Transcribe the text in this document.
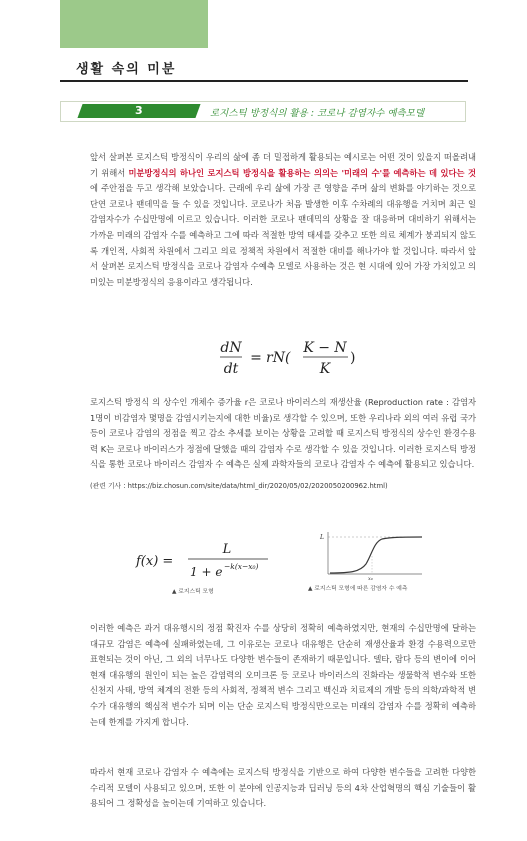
생활 속의 미분
3	로지스틱 방정식의 활용 : 코로나 감염자수 예측모델
앞서 살펴본 로지스틱 방정식이 우리의 삶에 좀 더 밀접하게 활용되는 예시로는 어떤 것이 있을지 떠올려내기 위해서 미분방정식의 하나인 로지스틱 방정식을 활용하는 의의는 '미래의 수'를 예측하는 데 있다는 것에 주안점을 두고 생각해 보았습니다. 근래에 우리 삶에 가장 큰 영향을 주며 삶의 변화를 야기하는 것으로 단연 코로나 팬데믹을 들 수 있을 것입니다. 코로나가 처음 발생한 이후 수차례의 대유행을 거치며 최근 일 감염자수가 수십만명에 이르고 있습니다. 이러한 코로나 팬데믹의 상황을 잘 대응하며 대비하기 위해서는 가까운 미래의 감염자 수를 예측하고 그에 따라 적절한 방역 태세를 갖추고 또한 의료 체계가 붕괴되지 않도록 개인적, 사회적 차원에서 그리고 의료 정책적 차원에서 적절한 대비를 해나가야 할 것입니다. 따라서 앞서 살펴본 로지스틱 방정식을 코로나 감염자 수예측 모델로 사용하는 것은 현 시대에 있어 가장 가치있고 의미있는 미분방정식의 응용이라고 생각됩니다.
dN
dt
= rN(
K − N
K
)
로지스틱 방정식 의 상수인 개체수 증가율 r은 코로나 바이러스의 재생산율 (Reproduction rate : 감염자 1명이 비감염자 몇명을 감염시키는지에 대한 비율)로 생각할 수 있으며, 또한 우리나라 외의 여러 유럽 국가 등이 코로나 감염의 정점을 찍고 감소 추세를 보이는 상황을 고려할 때 로지스틱 방정식의 상수인 환경수용력 K는 코로나 바이러스가 정점에 달했을 때의 감염자 수로 생각할 수 있을 것입니다. 이러한 로지스틱 방정식을 통한 코로나 바이러스 감염자 수 예측은 실제 과학자들의 코로나 감염자 수 예측에 활용되고 있습니다.
(관련 기사 : https://biz.chosun.com/site/data/html_dir/2020/05/02/2020050200962.html)
f(x) =
L
1 + e −k(x−x₀)
▲ 로지스틱 모형
L
x₀
▲ 로지스틱 모형에 따른 감염자 수 예측
이러한 예측은 과거 대유행시의 정점 확진자 수를 상당히 정확히 예측하였지만, 현재의 수십만명에 달하는 대규모 감염은 예측에 실패하였는데, 그 이유로는 코로나 대유행은 단순히 재생산율과 환경 수용력으로만 표현되는 것이 아닌, 그 외의 너무나도 다양한 변수들이 존재하기 때문입니다. 델타, 람다 등의 변이에 이어 현재 대유행의 원인이 되는 높은 감염력의 오미크론 등 코로나 바이러스의 진화라는 생물학적 변수와 또한 신천지 사태, 방역 체계의 전환 등의 사회적, 정책적 변수 그리고 백신과 치료제의 개발 등의 의학/과학적 변수가 대유행의 핵심적 변수가 되며 이는 단순 로지스틱 방정식만으로는 미래의 감염자 수를 정확히 예측하는데 한계를 가지게 합니다.
따라서 현재 코로나 감염자 수 예측에는 로지스틱 방정식을 기반으로 하여 다양한 변수들을 고려한 다양한 수리적 모델이 사용되고 있으며, 또한 이 분야에 인공지능과 딥러닝 등의 4차 산업혁명의 핵심 기술들이 활용되어 그 정확성을 높이는데 기여하고 있습니다.
